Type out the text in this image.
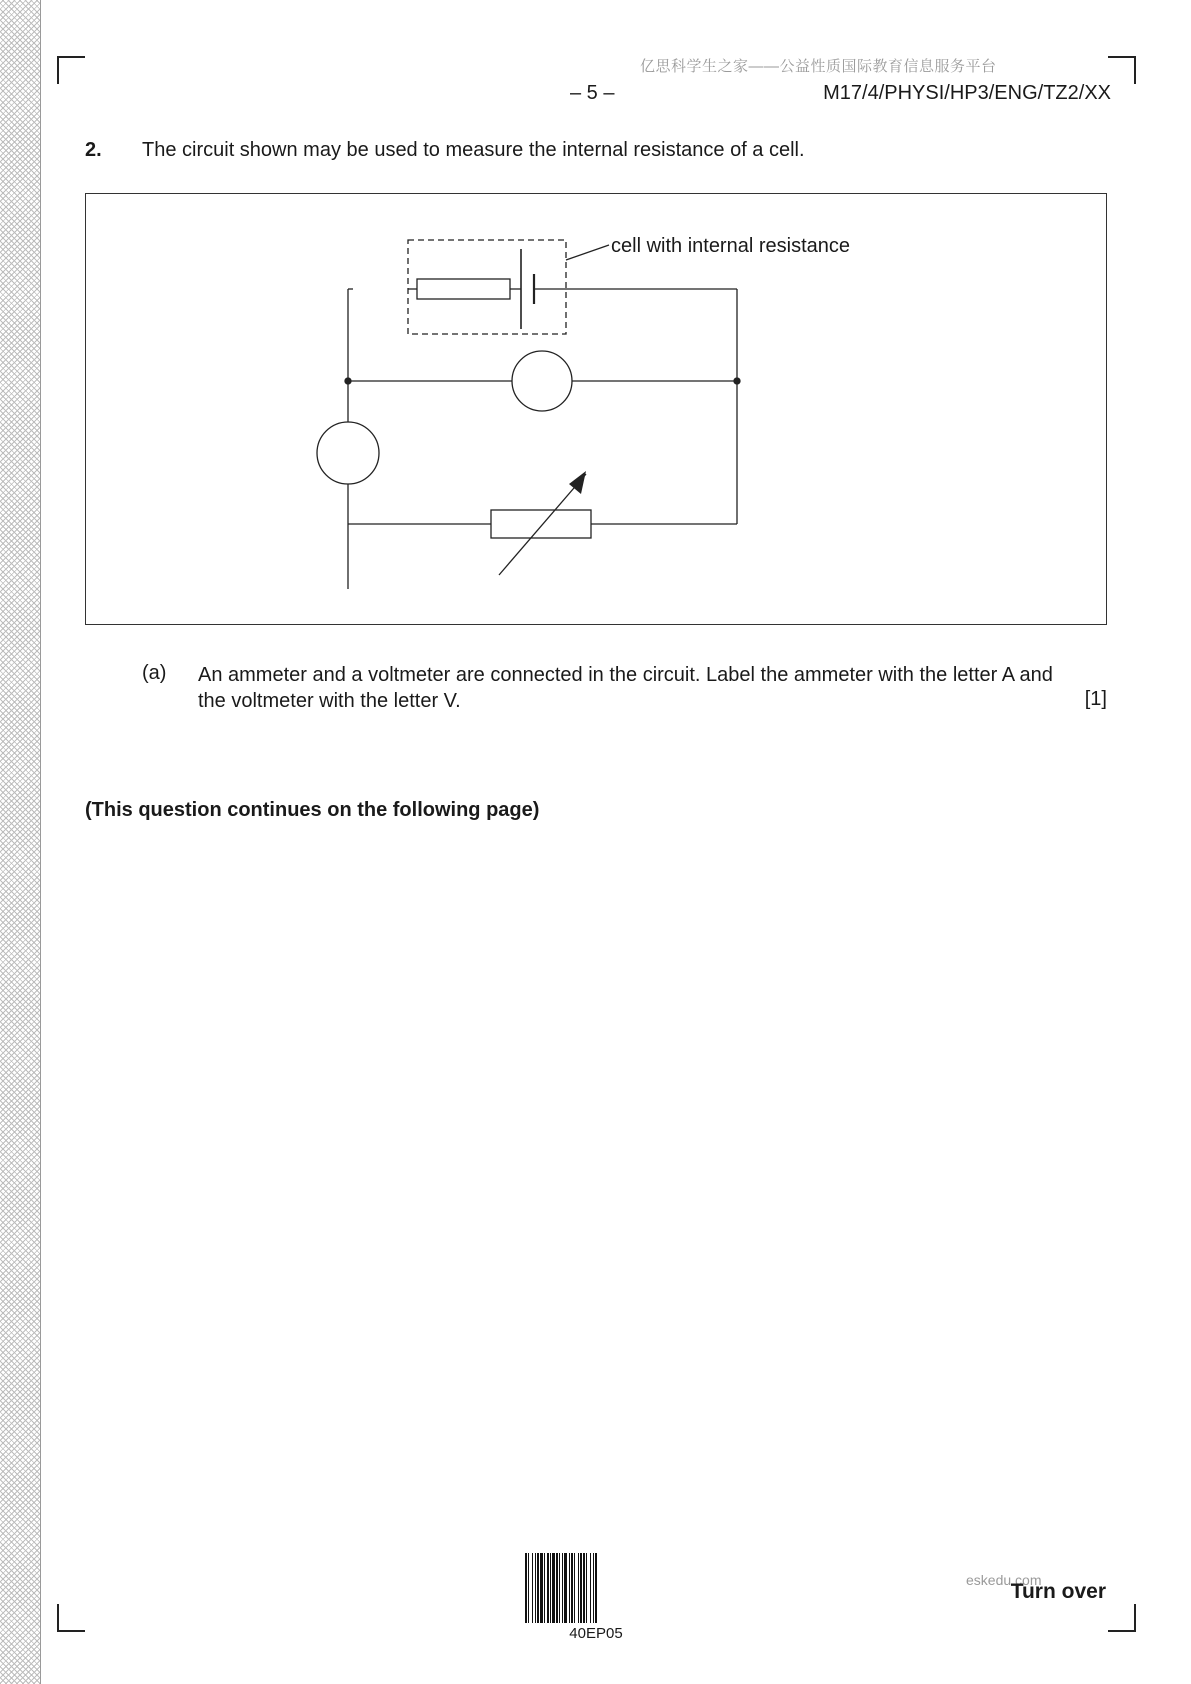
亿思科学生之家——公益性质国际教育信息服务平台
– 5 –	M17/4/PHYSI/HP3/ENG/TZ2/XX
2. The circuit shown may be used to measure the internal resistance of a cell.
cell with internal resistance
(a) An ammeter and a voltmeter are connected in the circuit. Label the ammeter with the letter A and the voltmeter with the letter V.	[1]
(This question continues on the following page)
40EP05
eskedu.com
Turn over
